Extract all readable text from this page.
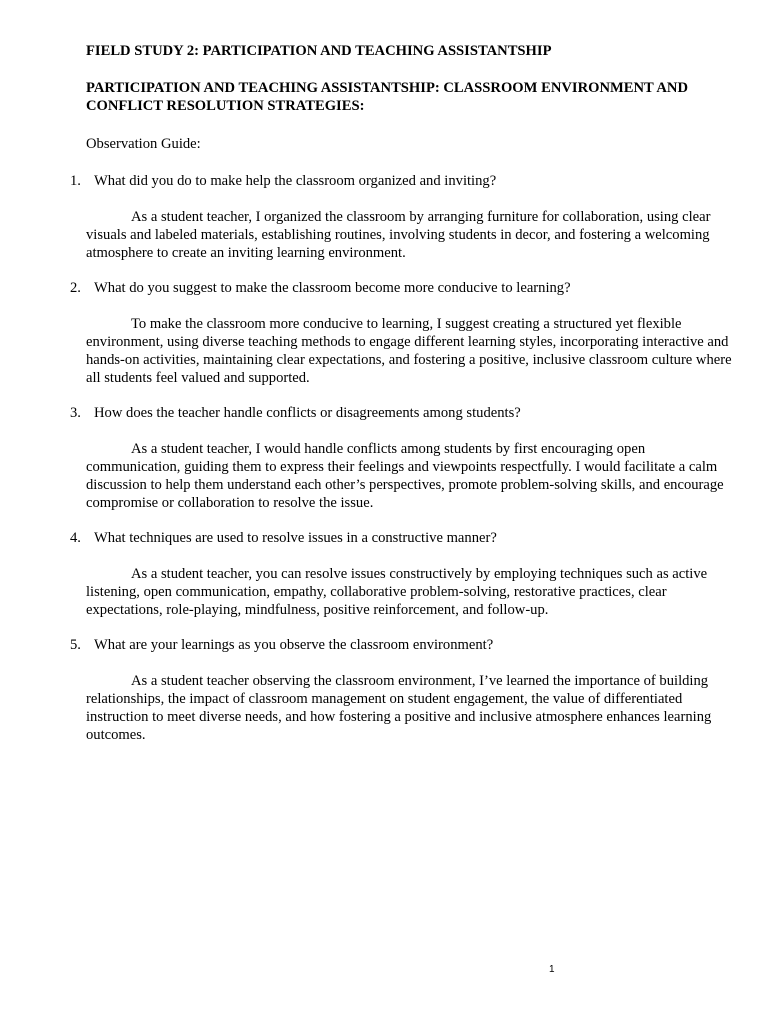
FIELD STUDY 2: PARTICIPATION AND TEACHING ASSISTANTSHIP

PARTICIPATION AND TEACHING ASSISTANTSHIP: CLASSROOM ENVIRONMENT AND CONFLICT RESOLUTION STRATEGIES:

Observation Guide:

1. What did you do to make help the classroom organized and inviting?

As a student teacher, I organized the classroom by arranging furniture for collaboration, using clear visuals and labeled materials, establishing routines, involving students in decor, and fostering a welcoming atmosphere to create an inviting learning environment.

2. What do you suggest to make the classroom become more conducive to learning?

To make the classroom more conducive to learning, I suggest creating a structured yet flexible environment, using diverse teaching methods to engage different learning styles, incorporating interactive and hands-on activities, maintaining clear expectations, and fostering a positive, inclusive classroom culture where all students feel valued and supported.

3. How does the teacher handle conflicts or disagreements among students?

As a student teacher, I would handle conflicts among students by first encouraging open communication, guiding them to express their feelings and viewpoints respectfully. I would facilitate a calm discussion to help them understand each other’s perspectives, promote problem-solving skills, and encourage compromise or collaboration to resolve the issue.

4. What techniques are used to resolve issues in a constructive manner?

As a student teacher, you can resolve issues constructively by employing techniques such as active listening, open communication, empathy, collaborative problem-solving, restorative practices, clear expectations, role-playing, mindfulness, positive reinforcement, and follow-up.

5. What are your learnings as you observe the classroom environment?

As a student teacher observing the classroom environment, I’ve learned the importance of building relationships, the impact of classroom management on student engagement, the value of differentiated instruction to meet diverse needs, and how fostering a positive and inclusive atmosphere enhances learning outcomes.

1
